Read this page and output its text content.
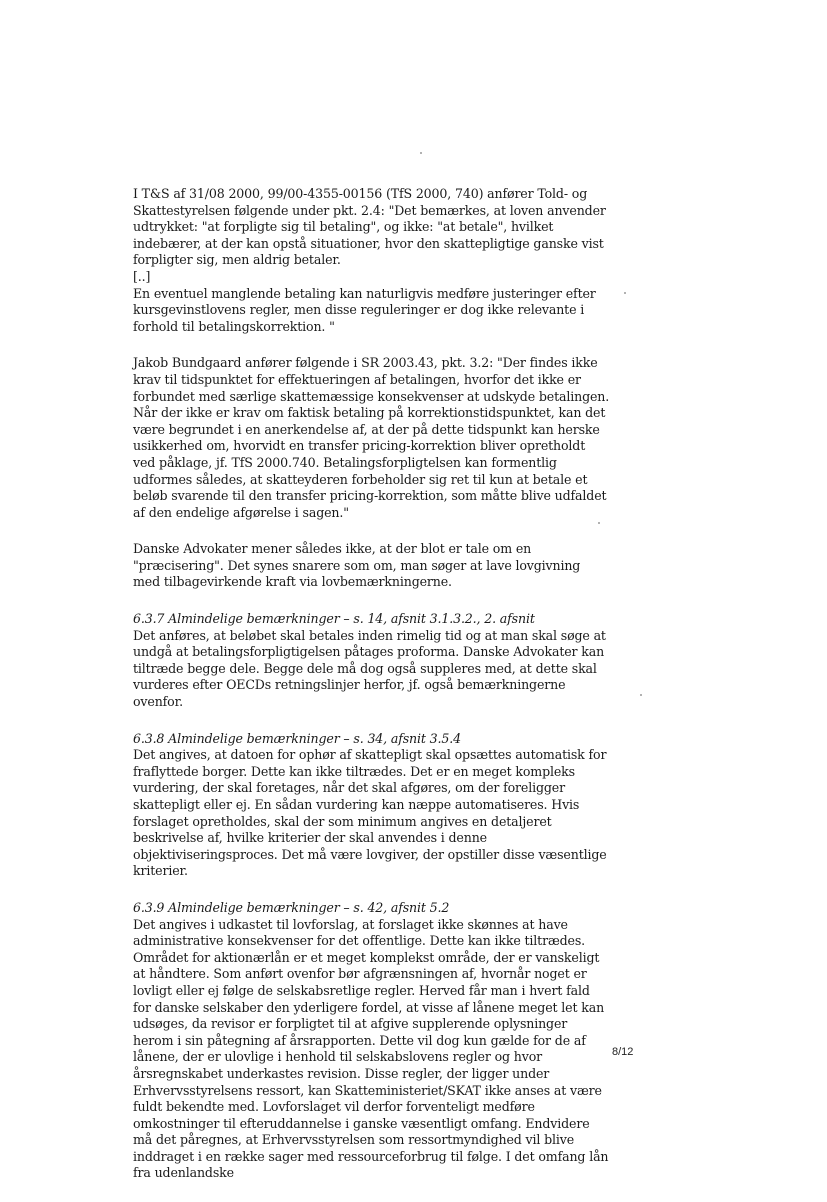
I T&S af 31/08 2000, 99/00-4355-00156 (TfS 2000, 740) anfører Told- og Skattestyrelsen følgende under pkt. 2.4: "Det bemærkes, at loven anvender udtrykket: "at forpligte sig til betaling", og ikke: "at betale", hvilket indebærer, at der kan opstå situationer, hvor den skattepligtige ganske vist forpligter sig, men aldrig betaler.

[..]

En eventuel manglende betaling kan naturligvis medføre justeringer efter kursgevinstlovens regler, men disse reguleringer er dog ikke relevante i forhold til betalingskorrektion. "

Jakob Bundgaard anfører følgende i SR 2003.43, pkt. 3.2: "Der findes ikke krav til tidspunktet for effektueringen af betalingen, hvorfor det ikke er forbundet med særlige skattemæssige konsekvenser at udskyde betalingen. Når der ikke er krav om faktisk betaling på korrektionstidspunktet, kan det være begrundet i en anerkendelse af, at der på dette tidspunkt kan herske usikkerhed om, hvorvidt en transfer pricing-korrektion bliver opretholdt ved påklage, jf. TfS 2000.740. Betalingsforpligtelsen kan formentlig udformes således, at skatteyderen forbeholder sig ret til kun at betale et beløb svarende til den transfer pricing-korrektion, som måtte blive udfaldet af den endelige afgørelse i sagen."

Danske Advokater mener således ikke, at der blot er tale om en "præcisering". Det synes snarere som om, man søger at lave lovgivning med tilbagevirkende kraft via lovbemærkningerne.

6.3.7 Almindelige bemærkninger – s. 14, afsnit 3.1.3.2., 2. afsnit

Det anføres, at beløbet skal betales inden rimelig tid og at man skal søge at undgå at betalingsforpligtigelsen påtages proforma. Danske Advokater kan tiltræde begge dele. Begge dele må dog også suppleres med, at dette skal vurderes efter OECDs retningslinjer herfor, jf. også bemærkningerne ovenfor.

6.3.8 Almindelige bemærkninger – s. 34, afsnit 3.5.4

Det angives, at datoen for ophør af skattepligt skal opsættes automatisk for fraflyttede borger. Dette kan ikke tiltrædes. Det er en meget kompleks vurdering, der skal foretages, når det skal afgøres, om der foreligger skattepligt eller ej. En sådan vurdering kan næppe automatiseres. Hvis forslaget opretholdes, skal der som minimum angives en detaljeret beskrivelse af, hvilke kriterier der skal anvendes i denne objektiviseringsproces. Det må være lovgiver, der opstiller disse væsentlige kriterier.

6.3.9 Almindelige bemærkninger – s. 42, afsnit 5.2

Det angives i udkastet til lovforslag, at forslaget ikke skønnes at have administrative konsekvenser for det offentlige. Dette kan ikke tiltrædes. Området for aktionærlån er et meget komplekst område, der er vanskeligt at håndtere. Som anført ovenfor bør afgrænsningen af, hvornår noget er lovligt eller ej følge de selskabsretlige regler. Herved får man i hvert fald for danske selskaber den yderligere fordel, at visse af lånene meget let kan udsøges, da revisor er forpligtet til at afgive supplerende oplysninger herom i sin påtegning af årsrapporten. Dette vil dog kun gælde for de af lånene, der er ulovlige i henhold til selskabslovens regler og hvor årsregnskabet underkastes revision. Disse regler, der ligger under Erhvervsstyrelsens ressort, kan Skatteministeriet/SKAT ikke anses at være fuldt bekendte med. Lovforslaget vil derfor forventeligt medføre omkostninger til efteruddannelse i ganske væsentligt omfang. Endvidere må det påregnes, at Erhvervsstyrelsen som ressortmyndighed vil blive inddraget i en række sager med ressourceforbrug til følge. I det omfang lån fra udenlandske

8/12
